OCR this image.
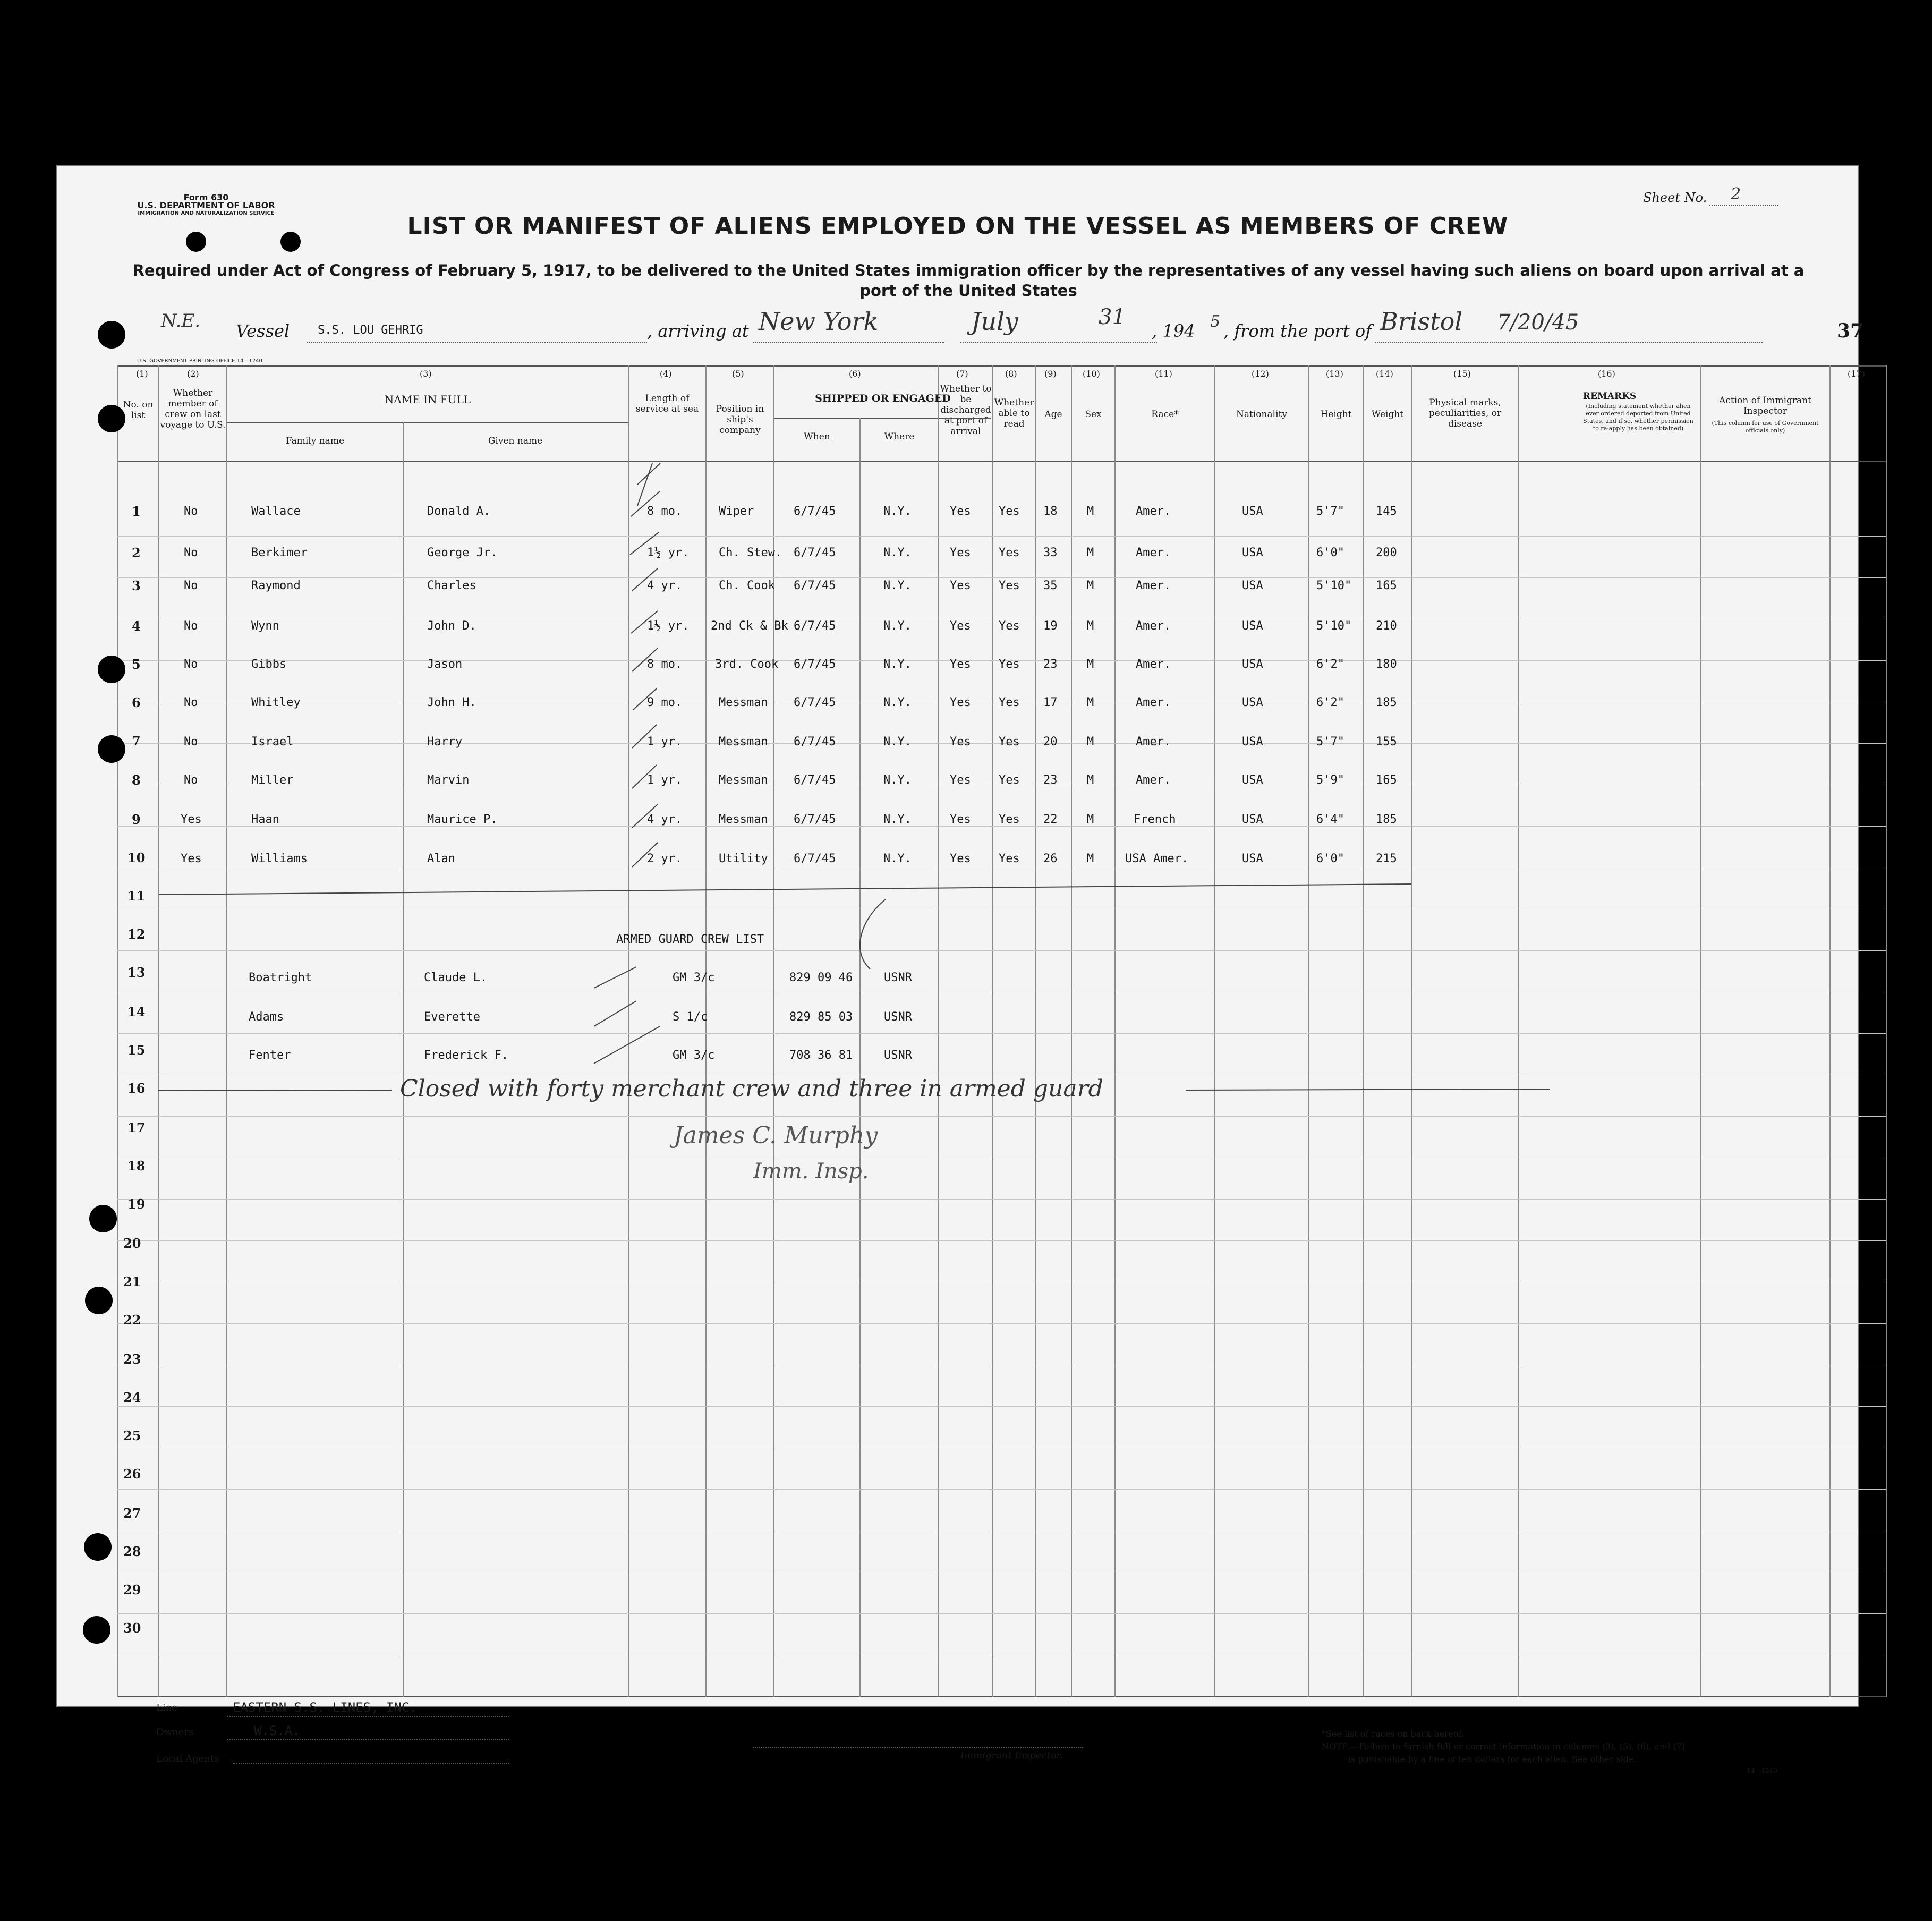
Form 630
U.S. DEPARTMENT OF LABOR
IMMIGRATION AND NATURALIZATION SERVICE
Sheet No. 2
LIST OR MANIFEST OF ALIENS EMPLOYED ON THE VESSEL AS MEMBERS OF CREW
Required under Act of Congress of February 5, 1917, to be delivered to the United States immigration officer by the representatives of any vessel having such aliens on board upon arrival at a port of the United States
N.E. Vessel S.S. LOU GEHRIG	, arriving at New York	July	31
, 194 5 , from the port of Bristol 7/20/45	37
U.S. GOVERNMENT PRINTING OFFICE 14—1240
(1)	(2)	(3)	(4)	(5)	(6)	(7)	(8)	(9)	(10)	(11)	(12)	(13)	(14)	(15)	(16)	(17)
No. on list
Whether member of crew on last voyage to U.S.
NAME IN FULL
Family name	Given name
Length of service at sea	Position in ship's company
SHIPPED OR ENGAGED
When	Where
Whether to be discharged at port of arrival
Whether able to read
Age	Sex	Race*	Nationality	Height	Weight
Physical marks, peculiarities, or disease
REMARKS
(Including statement whether alien ever ordered deported from United States, and if so, whether permission to re-apply has been obtained)
Action of Immigrant Inspector
(This column for use of Government officials only)
1
2
3
4
5
6
7
8
9
10
11
12
13
14
15
16
17
18
19
20
21
22
23
24
25
26
27
28
29
30
No	Wallace	Donald A.	8 mo.	Wiper	6/7/45	N.Y.	Yes Yes 18	M	Amer.	USA	5'7"	145
No	Berkimer	George Jr.	1½ yr.	Ch. Stew. 6/7/45	N.Y.	Yes Yes 33	M	Amer.	USA	6'0"	200
No	Raymond	Charles	4 yr.	Ch. Cook 6/7/45	N.Y.	Yes Yes 35	M	Amer.	USA	5'10" 165
No	Wynn	John D.	1½ yr. 2nd Ck & Bk 6/7/45	N.Y.	Yes Yes 19	M	Amer.	USA	5'10" 210
No	Gibbs	Jason	8 mo.	3rd. Cook 6/7/45	N.Y.	Yes Yes 23	M	Amer.	USA	6'2"	180
No	Whitley	John H.	9 mo.	Messman 6/7/45	N.Y.	Yes Yes 17	M	Amer.	USA	6'2"	185
No	Israel	Harry	1 yr.	Messman 6/7/45	N.Y.	Yes Yes 20	M	Amer.	USA	5'7"	155
No	Miller	Marvin	1 yr.	Messman 6/7/45	N.Y.	Yes Yes 23	M	Amer.	USA	5'9"	165
Yes	Haan	Maurice P.	4 yr.	Messman 6/7/45	N.Y.	Yes Yes 22	M	French	USA	6'4"	185
Yes	Williams	Alan	2 yr.	Utility 6/7/45	N.Y.	Yes Yes 26	M	USA Amer.	USA	6'0"	215
ARMED GUARD CREW LIST
Boatright	Claude L.	GM 3/c	829 09 46	USNR
Adams	Everette	S 1/c	829 85 03	USNR
Fenter	Frederick F.	GM 3/c	708 36 81	USNR
Closed with forty merchant crew and three in armed guard
James C. Murphy
Imm. Insp.
Line	EASTERN S.S. LINES, INC.
Owners	W.S.A.
Local Agents	Immigrant Inspector.
*See list of races on back hereof.
NOTE.—Failure to furnish full or correct information in columns (3), (5), (6), and (7)
is punishable by a fine of ten dollars for each alien. See other side.
14—1240
